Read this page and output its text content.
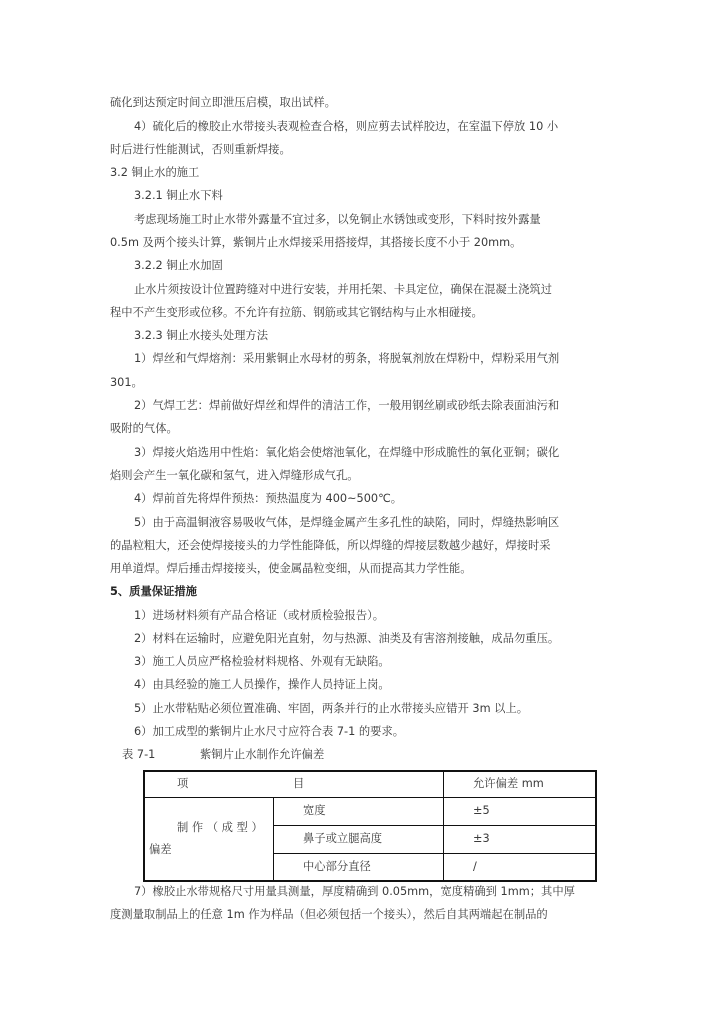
硫化到达预定时间立即泄压启模，取出试样。
4）硫化后的橡胶止水带接头表观检查合格，则应剪去试样胶边，在室温下停放 10 小
时后进行性能测试，否则重新焊接。
3.2 铜止水的施工
3.2.1 铜止水下料
考虑现场施工时止水带外露量不宜过多，以免铜止水锈蚀或变形，下料时按外露量
0.5m 及两个接头计算，紫铜片止水焊接采用搭接焊，其搭接长度不小于 20mm。
3.2.2 铜止水加固
止水片须按设计位置跨缝对中进行安装，并用托架、卡具定位，确保在混凝土浇筑过
程中不产生变形或位移。不允许有拉筋、钢筋或其它钢结构与止水相碰接。
3.2.3 铜止水接头处理方法
1）焊丝和气焊熔剂：采用紫铜止水母材的剪条，将脱氧剂放在焊粉中，焊粉采用气剂
301。
2）气焊工艺：焊前做好焊丝和焊件的清洁工作，一般用钢丝刷或砂纸去除表面油污和
吸附的气体。
3）焊接火焰选用中性焰：氧化焰会使熔池氧化，在焊缝中形成脆性的氧化亚铜；碳化
焰则会产生一氧化碳和氢气，进入焊缝形成气孔。
4）焊前首先将焊件预热：预热温度为 400~500℃。
5）由于高温铜液容易吸收气体，是焊缝金属产生多孔性的缺陷，同时，焊缝热影响区
的晶粒粗大，还会使焊接接头的力学性能降低，所以焊缝的焊接层数越少越好，焊接时采
用单道焊。焊后捶击焊接接头，使金属晶粒变细，从而提高其力学性能。
5、质量保证措施
1）进场材料须有产品合格证（或材质检验报告）。
2）材料在运输时，应避免阳光直射，勿与热源、油类及有害溶剂接触，成品勿重压。
3）施工人员应严格检验材料规格、外观有无缺陷。
4）由具经验的施工人员操作，操作人员持证上岗。
5）止水带粘贴必须位置准确、牢固，两条并行的止水带接头应错开 3m 以上。
6）加工成型的紫铜片止水尺寸应符合表 7-1 的要求。
表 7-1	紫铜片止水制作允许偏差
项	目	允许偏差 mm
制 作 （ 成 型 ）
偏差
宽度	±5
鼻子或立腿高度	±3
中心部分直径	/
7）橡胶止水带规格尺寸用量具测量，厚度精确到 0.05mm，宽度精确到 1mm；其中厚
度测量取制品上的任意 1m 作为样品（但必须包括一个接头），然后自其两端起在制品的
